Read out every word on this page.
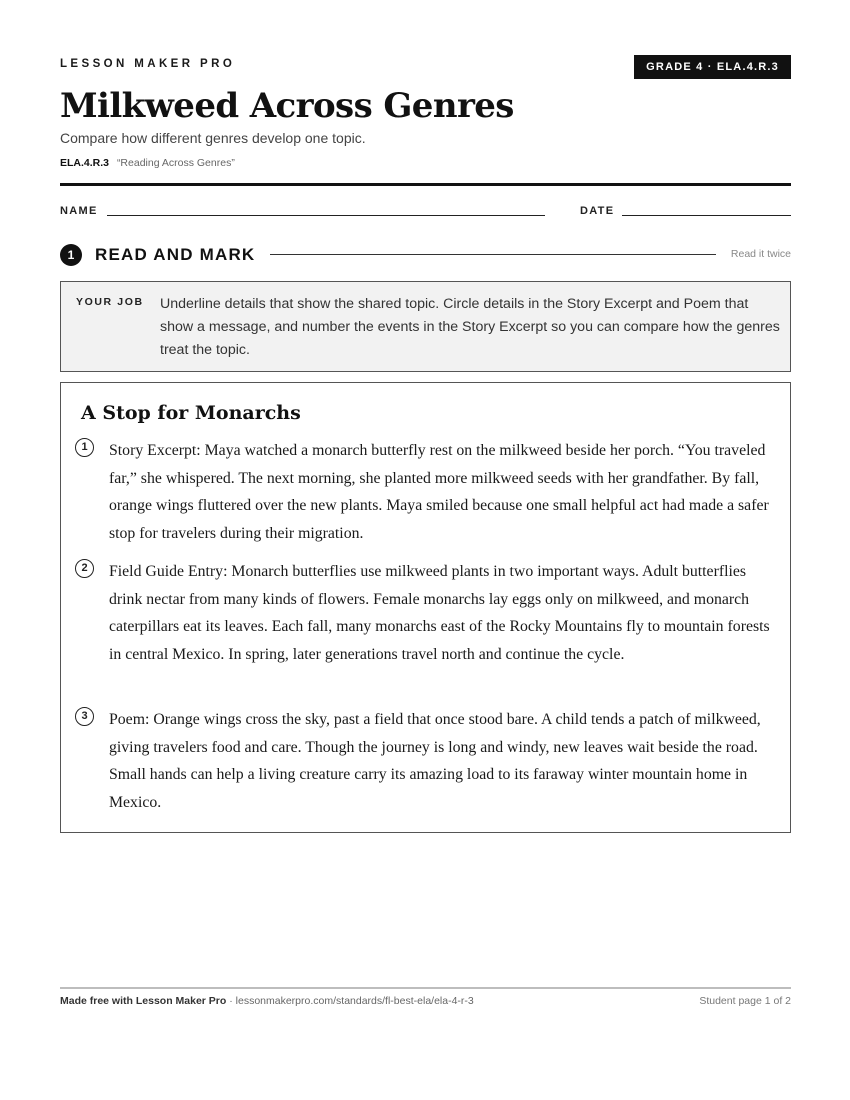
LESSON MAKER PRO	GRADE 4 · ELA.4.R.3
Milkweed Across Genres
Compare how different genres develop one topic.
ELA.4.R.3 “Reading Across Genres”
NAME	DATE
1	READ AND MARK	Read it twice
YOUR JOB Underline details that show the shared topic. Circle details in the Story Excerpt and Poem that show a message, and number the events in the Story Excerpt so you can compare how the genres treat the topic.
A Stop for Monarchs
1	Story Excerpt: Maya watched a monarch butterfly rest on the milkweed beside her porch. “You traveled far,” she whispered. The next morning, she planted more milkweed seeds with her grandfather. By fall, orange wings fluttered over the new plants. Maya smiled because one small helpful act had made a safer stop for travelers during their migration.
2	Field Guide Entry: Monarch butterflies use milkweed plants in two important ways. Adult butterflies drink nectar from many kinds of flowers. Female monarchs lay eggs only on milkweed, and monarch caterpillars eat its leaves. Each fall, many monarchs east of the Rocky Mountains fly to mountain forests in central Mexico. In spring, later generations travel north and continue the cycle.
3	Poem: Orange wings cross the sky, past a field that once stood bare. A child tends a patch of milkweed, giving travelers food and care. Though the journey is long and windy, new leaves wait beside the road. Small hands can help a living creature carry its amazing load to its faraway winter mountain home in Mexico.
Made free with Lesson Maker Pro · lessonmakerpro.com/standards/fl-best-ela/ela-4-r-3	Student page 1 of 2
